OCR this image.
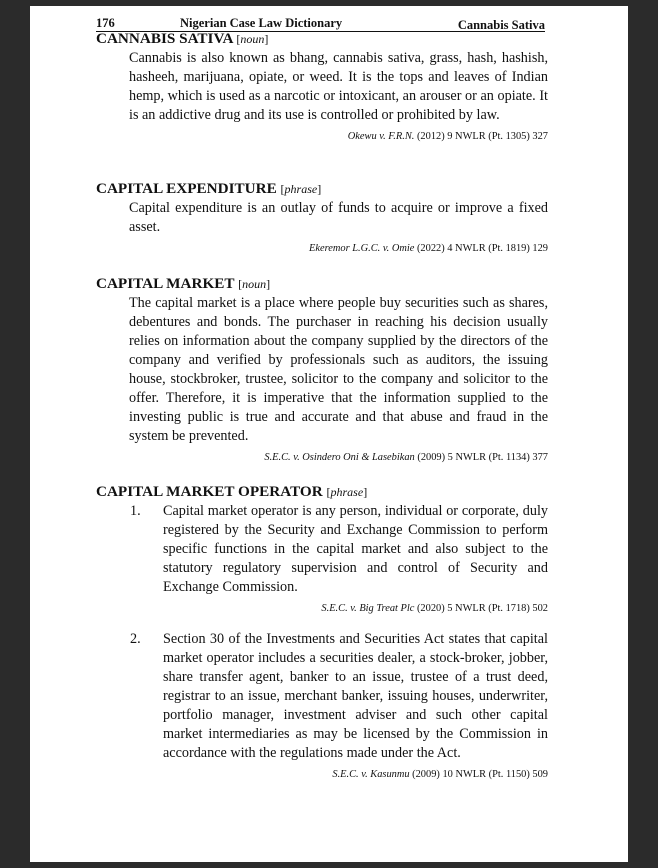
176	Nigerian Case Law Dictionary	Cannabis Sativa
CANNABIS SATIVA [noun]
Cannabis is also known as bhang, cannabis sativa, grass, hash, hashish, hasheeh, marijuana, opiate, or weed. It is the tops and leaves of Indian hemp, which is used as a narcotic or intoxicant, an arouser or an opiate. It is an addictive drug and its use is controlled or prohibited by law.
Okewu v. F.R.N. (2012) 9 NWLR (Pt. 1305) 327
CAPITAL EXPENDITURE [phrase]
Capital expenditure is an outlay of funds to acquire or improve a fixed asset.
Ekeremor L.G.C. v. Omie (2022) 4 NWLR (Pt. 1819) 129
CAPITAL MARKET [noun]
The capital market is a place where people buy securities such as shares, debentures and bonds. The purchaser in reaching his decision usually relies on information about the company supplied by the directors of the company and verified by professionals such as auditors, the issuing house, stockbroker, trustee, solicitor to the company and solicitor to the offer. Therefore, it is imperative that the information supplied to the investing public is true and accurate and that abuse and fraud in the system be prevented.
S.E.C. v. Osindero Oni & Lasebikan (2009) 5 NWLR (Pt. 1134) 377
CAPITAL MARKET OPERATOR [phrase]
1. Capital market operator is any person, individual or corporate, duly registered by the Security and Exchange Commission to perform specific functions in the capital market and also subject to the statutory regulatory supervision and control of Security and Exchange Commission.
S.E.C. v. Big Treat Plc (2020) 5 NWLR (Pt. 1718) 502
2. Section 30 of the Investments and Securities Act states that capital market operator includes a securities dealer, a stock-broker, jobber, share transfer agent, banker to an issue, trustee of a trust deed, registrar to an issue, merchant banker, issuing houses, underwriter, portfolio manager, investment adviser and such other capital market intermediaries as may be licensed by the Commission in accordance with the regulations made under the Act.
S.E.C. v. Kasunmu (2009) 10 NWLR (Pt. 1150) 509
